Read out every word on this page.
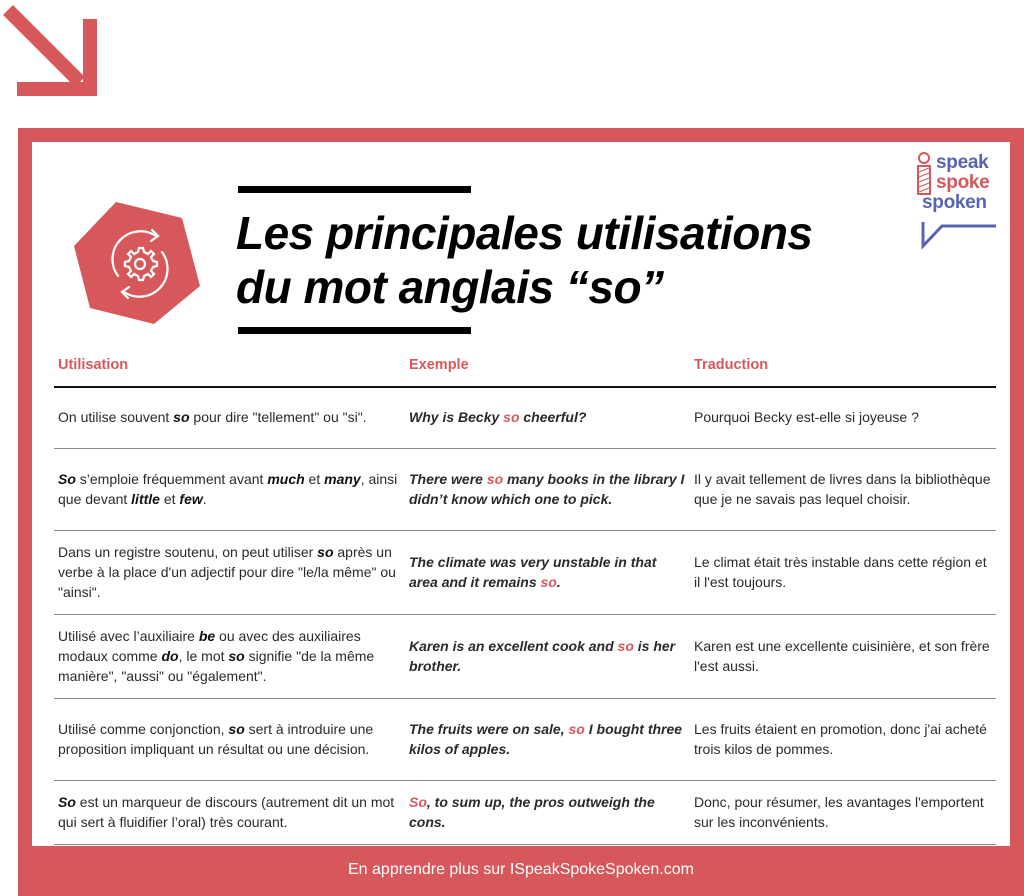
Les principales utilisations
du mot anglais “so”
speak
spoke
spoken
Utilisation	Exemple	Traduction
On utilise souvent so pour dire "tellement" ou "si".	Why is Becky so cheerful?	Pourquoi Becky est-elle si joyeuse ?
So s’emploie fréquemment avant much et many, ainsi que devant little et few.	There were so many books in the library I didn’t know which one to pick.	Il y avait tellement de livres dans la bibliothèque que je ne savais pas lequel choisir.
Dans un registre soutenu, on peut utiliser so après un verbe à la place d'un adjectif pour dire "le/la même" ou "ainsi".	The climate was very unstable in that area and it remains so.	Le climat était très instable dans cette région et il l'est toujours.
Utilisé avec l’auxiliaire be ou avec des auxiliaires modaux comme do, le mot so signifie "de la même manière", "aussi" ou "également".	Karen is an excellent cook and so is her brother.	Karen est une excellente cuisinière, et son frère l'est aussi.
Utilisé comme conjonction, so sert à introduire une proposition impliquant un résultat ou une décision.	The fruits were on sale, so I bought three kilos of apples.	Les fruits étaient en promotion, donc j'ai acheté trois kilos de pommes.
So est un marqueur de discours (autrement dit un mot qui sert à fluidifier l’oral) très courant.	So, to sum up, the pros outweigh the cons.	Donc, pour résumer, les avantages l'emportent sur les inconvénients.
En apprendre plus sur ISpeakSpokeSpoken.com
